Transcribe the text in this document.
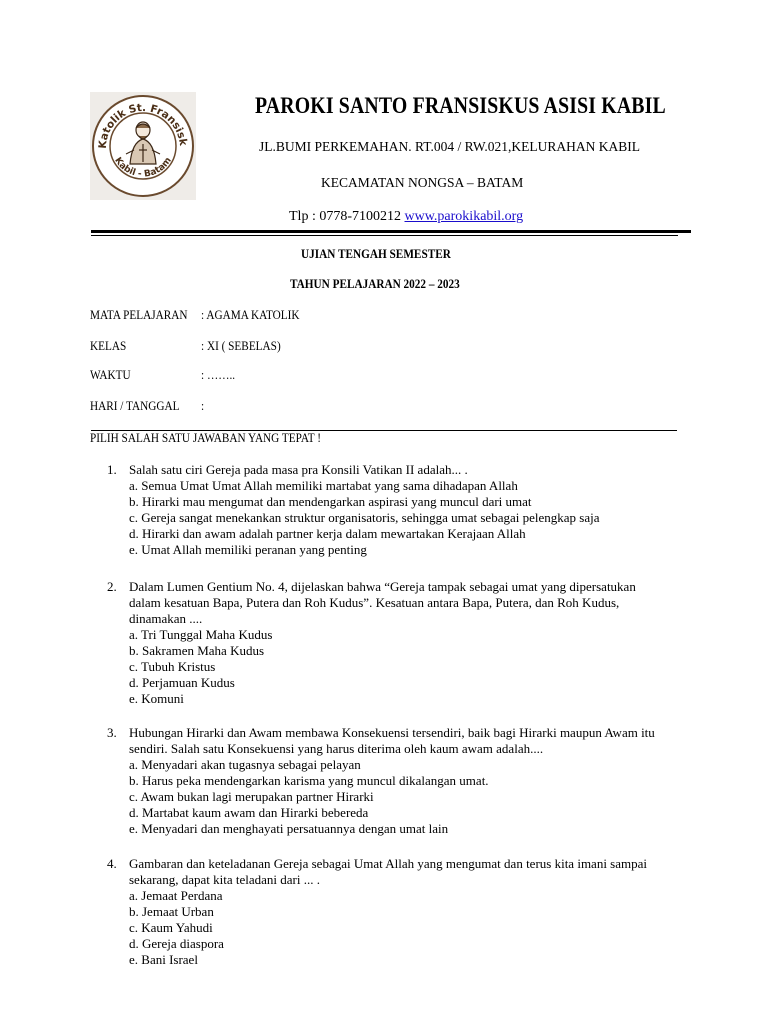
Katolik St. Fransisk
Kabil - Batam
PAROKI SANTO FRANSISKUS ASISI KABIL
JL.BUMI PERKEMAHAN. RT.004 / RW.021,KELURAHAN KABIL
KECAMATAN NONGSA – BATAM
Tlp : 0778-7100212 www.parokikabil.org
UJIAN TENGAH SEMESTER
TAHUN PELAJARAN 2022 – 2023
MATA PELAJARAN	: AGAMA KATOLIK
KELAS	: XI ( SEBELAS)
WAKTU	: ……..
HARI / TANGGAL	:
PILIH SALAH SATU JAWABAN YANG TEPAT !
1. Salah satu ciri Gereja pada masa pra Konsili Vatikan II adalah... .
a. Semua Umat Umat Allah memiliki martabat yang sama dihadapan Allah
b. Hirarki mau mengumat dan mendengarkan aspirasi yang muncul dari umat
c. Gereja sangat menekankan struktur organisatoris, sehingga umat sebagai pelengkap saja
d. Hirarki dan awam adalah partner kerja dalam mewartakan Kerajaan Allah
e. Umat Allah memiliki peranan yang penting
2. Dalam Lumen Gentium No. 4, dijelaskan bahwa “Gereja tampak sebagai umat yang dipersatukan dalam kesatuan Bapa, Putera dan Roh Kudus”. Kesatuan antara Bapa, Putera, dan Roh Kudus, dinamakan ....
a. Tri Tunggal Maha Kudus
b. Sakramen Maha Kudus
c. Tubuh Kristus
d. Perjamuan Kudus
e. Komuni
3. Hubungan Hirarki dan Awam membawa Konsekuensi tersendiri, baik bagi Hirarki maupun Awam itu sendiri. Salah satu Konsekuensi yang harus diterima oleh kaum awam adalah....
a. Menyadari akan tugasnya sebagai pelayan
b. Harus peka mendengarkan karisma yang muncul dikalangan umat.
c. Awam bukan lagi merupakan partner Hirarki
d. Martabat kaum awam dan Hirarki bebereda
e. Menyadari dan menghayati persatuannya dengan umat lain
4. Gambaran dan keteladanan Gereja sebagai Umat Allah yang mengumat dan terus kita imani sampai sekarang, dapat kita teladani dari ... .
a. Jemaat Perdana
b. Jemaat Urban
c. Kaum Yahudi
d. Gereja diaspora
e. Bani Israel
